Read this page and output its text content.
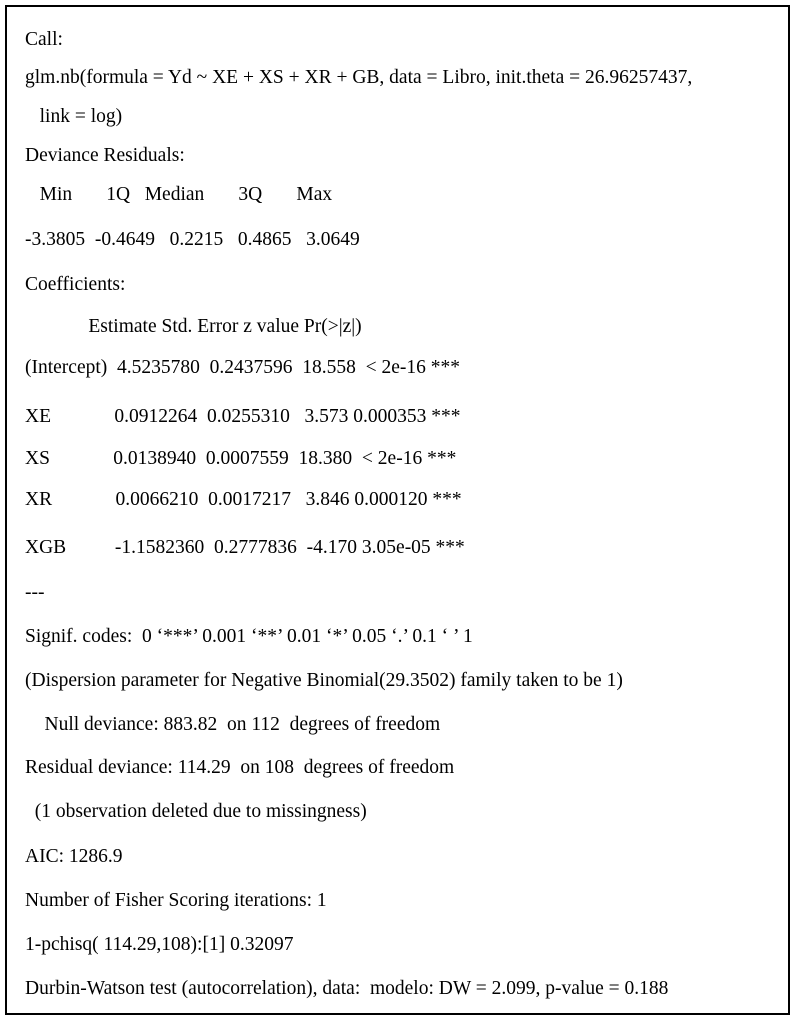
Call:
glm.nb(formula = Yd ~ XE + XS + XR + GB, data = Libro, init.theta = 26.96257437,
link = log)
Deviance Residuals:
Min       1Q   Median       3Q       Max
-3.3805  -0.4649   0.2215   0.4865   3.0649
Coefficients:
Estimate Std. Error z value Pr(>|z|)
(Intercept)  4.5235780  0.2437596  18.558  < 2e-16 ***
XE             0.0912264  0.0255310   3.573 0.000353 ***
XS             0.0138940  0.0007559  18.380  < 2e-16 ***
XR             0.0066210  0.0017217   3.846 0.000120 ***
XGB          -1.1582360  0.2777836  -4.170 3.05e-05 ***
---
Signif. codes:  0 ‘***’ 0.001 ‘**’ 0.01 ‘*’ 0.05 ‘.’ 0.1 ‘ ’ 1
(Dispersion parameter for Negative Binomial(29.3502) family taken to be 1)
Null deviance: 883.82  on 112  degrees of freedom
Residual deviance: 114.29  on 108  degrees of freedom
(1 observation deleted due to missingness)
AIC: 1286.9
Number of Fisher Scoring iterations: 1
1-pchisq( 114.29,108):[1] 0.32097
Durbin-Watson test (autocorrelation), data:  modelo: DW = 2.099, p-value = 0.188
